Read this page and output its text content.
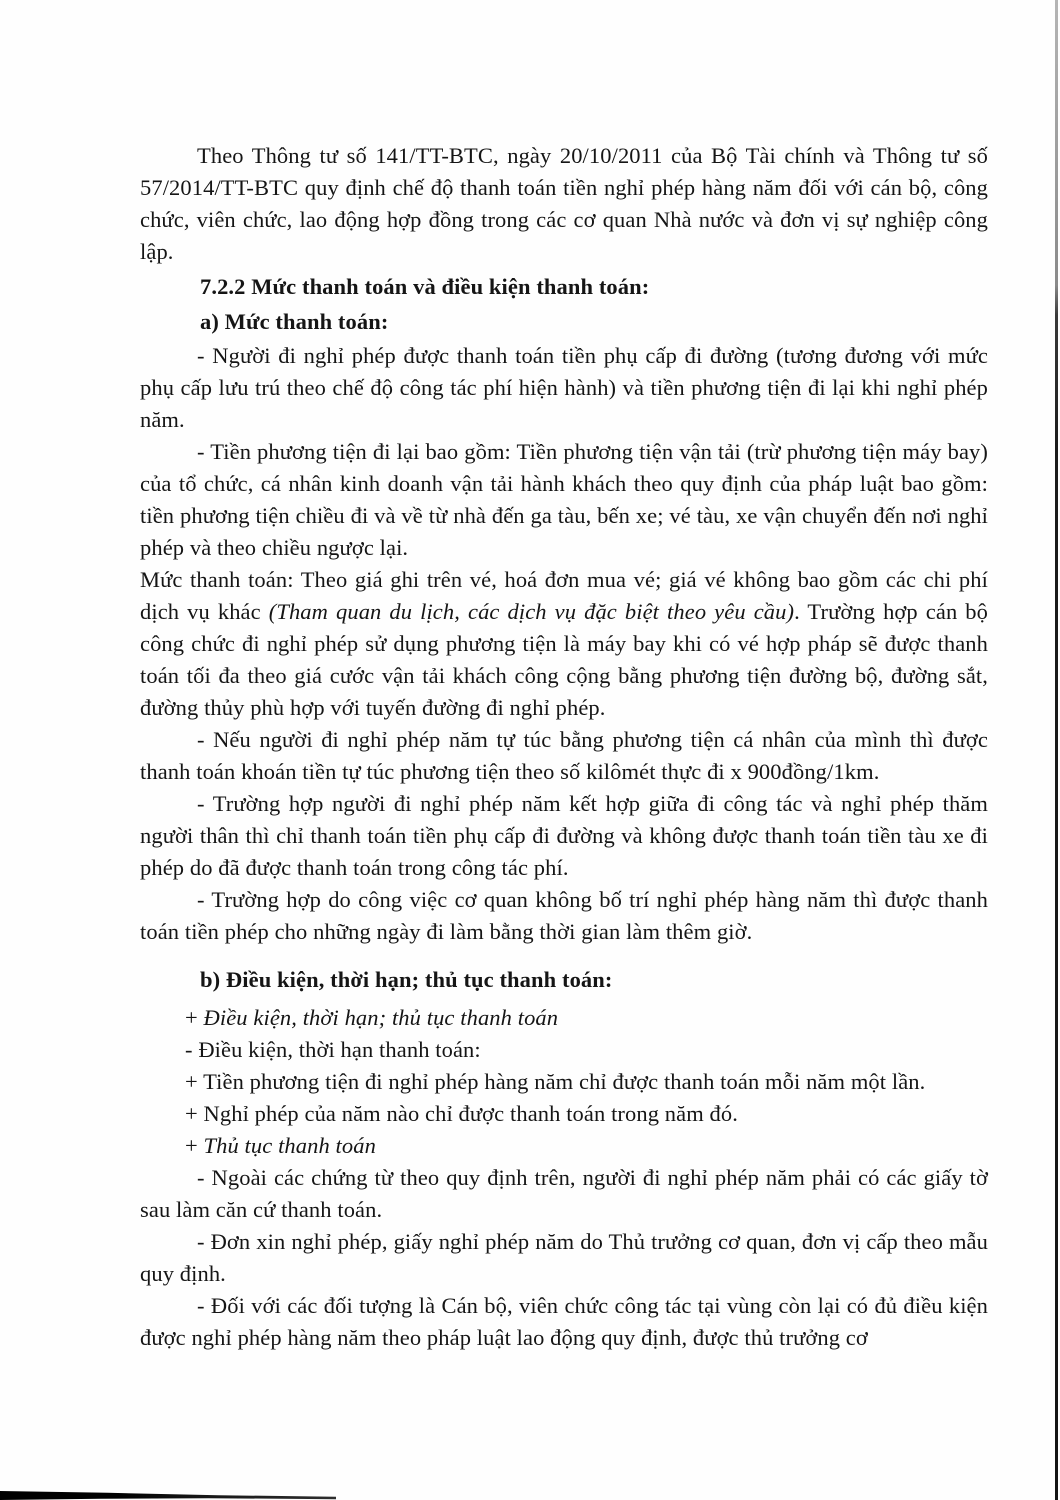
Theo Thông tư số 141/TT-BTC, ngày 20/10/2011 của Bộ Tài chính và Thông tư số 57/2014/TT-BTC quy định chế độ thanh toán tiền nghỉ phép hàng năm đối với cán bộ, công chức, viên chức, lao động hợp đồng trong các cơ quan Nhà nước và đơn vị sự nghiệp công lập.

7.2.2 Mức thanh toán và điều kiện thanh toán:

a) Mức thanh toán:

- Người đi nghỉ phép được thanh toán tiền phụ cấp đi đường (tương đương với mức phụ cấp lưu trú theo chế độ công tác phí hiện hành) và tiền phương tiện đi lại khi nghỉ phép năm.

- Tiền phương tiện đi lại bao gồm: Tiền phương tiện vận tải (trừ phương tiện máy bay) của tổ chức, cá nhân kinh doanh vận tải hành khách theo quy định của pháp luật bao gồm: tiền phương tiện chiều đi và về từ nhà đến ga tàu, bến xe; vé tàu, xe vận chuyển đến nơi nghỉ phép và theo chiều ngược lại.

Mức thanh toán: Theo giá ghi trên vé, hoá đơn mua vé; giá vé không bao gồm các chi phí dịch vụ khác (Tham quan du lịch, các dịch vụ đặc biệt theo yêu cầu). Trường hợp cán bộ công chức đi nghỉ phép sử dụng phương tiện là máy bay khi có vé hợp pháp sẽ được thanh toán tối đa theo giá cước vận tải khách công cộng bằng phương tiện đường bộ, đường sắt, đường thủy phù hợp với tuyến đường đi nghỉ phép.

- Nếu người đi nghỉ phép năm tự túc bằng phương tiện cá nhân của mình thì được thanh toán khoán tiền tự túc phương tiện theo số kilômét thực đi x 900đồng/1km.

- Trường hợp người đi nghỉ phép năm kết hợp giữa đi công tác và nghỉ phép thăm người thân thì chỉ thanh toán tiền phụ cấp đi đường và không được thanh toán tiền tàu xe đi phép do đã được thanh toán trong công tác phí.

- Trường hợp do công việc cơ quan không bố trí nghỉ phép hàng năm thì được thanh toán tiền phép cho những ngày đi làm bằng thời gian làm thêm giờ.

b) Điều kiện, thời hạn; thủ tục thanh toán:

+ Điều kiện, thời hạn; thủ tục thanh toán

- Điều kiện, thời hạn thanh toán:

+ Tiền phương tiện đi nghỉ phép hàng năm chỉ được thanh toán mỗi năm một lần.

+ Nghỉ phép của năm nào chỉ được thanh toán trong năm đó.

+ Thủ tục thanh toán

- Ngoài các chứng từ theo quy định trên, người đi nghỉ phép năm phải có các giấy tờ sau làm căn cứ thanh toán.

- Đơn xin nghỉ phép, giấy nghỉ phép năm do Thủ trưởng cơ quan, đơn vị cấp theo mẫu quy định.

- Đối với các đối tượng là Cán bộ, viên chức công tác tại vùng còn lại có đủ điều kiện được nghỉ phép hàng năm theo pháp luật lao động quy định, được thủ trưởng cơ
